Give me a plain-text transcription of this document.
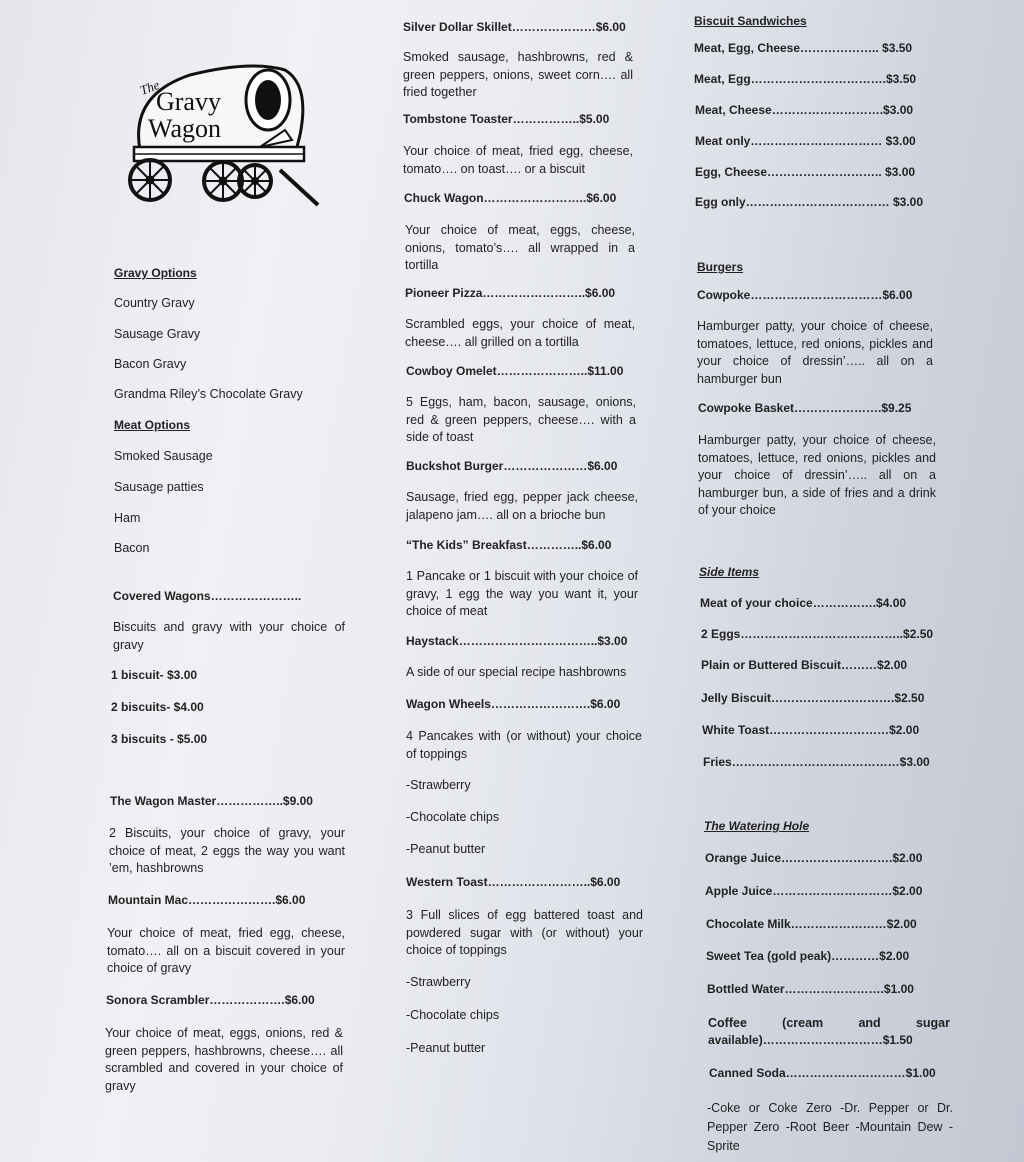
The
Gravy
Wagon
Gravy Options
Country Gravy
Sausage Gravy
Bacon Gravy
Grandma Riley’s Chocolate Gravy
Meat Options
Smoked Sausage
Sausage patties
Ham
Bacon
Covered Wagons…………………..
Biscuits and gravy with your choice of gravy
1 biscuit- $3.00
2 biscuits- $4.00
3 biscuits - $5.00
The Wagon Master……………..$9.00
2 Biscuits, your choice of gravy, your choice of meat, 2 eggs the way you want ’em, hashbrowns
Mountain Mac………………….$6.00
Your choice of meat, fried egg, cheese, tomato…. all on a biscuit covered in your choice of gravy
Sonora Scrambler……………….$6.00
Your choice of meat, eggs, onions, red & green peppers, hashbrowns, cheese…. all scrambled and covered in your choice of gravy
Silver Dollar Skillet…………………$6.00
Smoked sausage, hashbrowns, red & green peppers, onions, sweet corn…. all fried together
Tombstone Toaster……………..$5.00
Your choice of meat, fried egg, cheese, tomato…. on toast…. or a biscuit
Chuck Wagon……………………..$6.00
Your choice of meat, eggs, cheese, onions, tomato’s…. all wrapped in a tortilla
Pioneer Pizza……………………..$6.00
Scrambled eggs, your choice of meat, cheese…. all grilled on a tortilla
Cowboy Omelet…………………..$11.00
5 Eggs, ham, bacon, sausage, onions, red & green peppers, cheese…. with a side of toast
Buckshot Burger…………………$6.00
Sausage, fried egg, pepper jack cheese, jalapeno jam…. all on a brioche bun
“The Kids” Breakfast…………..$6.00
1 Pancake or 1 biscuit with your choice of gravy, 1 egg the way you want it, your choice of meat
Haystack……………………………..$3.00
A side of our special recipe hashbrowns
Wagon Wheels…………………….$6.00
4 Pancakes with (or without) your choice of toppings
-Strawberry
-Chocolate chips
-Peanut butter
Western Toast……………………..$6.00
3 Full slices of egg battered toast and powdered sugar with (or without) your choice of toppings
-Strawberry
-Chocolate chips
-Peanut butter
Biscuit Sandwiches
Meat, Egg, Cheese……………….. $3.50
Meat, Egg…………………………….$3.50
Meat, Cheese……………………….$3.00
Meat only…………………………… $3.00
Egg, Cheese……………………….. $3.00
Egg only……………………………… $3.00
Burgers
Cowpoke……………………………$6.00
Hamburger patty, your choice of cheese, tomatoes, lettuce, red onions, pickles and your choice of dressin’….. all on a hamburger bun
Cowpoke Basket………………….$9.25
Hamburger patty, your choice of cheese, tomatoes, lettuce, red onions, pickles and your choice of dressin’….. all on a hamburger bun, a side of fries and a drink of your choice
Side Items
Meat of your choice…………….$4.00
2 Eggs…………………………………..$2.50
Plain or Buttered Biscuit………$2.00
Jelly Biscuit………………………….$2.50
White Toast…………………………$2.00
Fries……………………………………$3.00
The Watering Hole
Orange Juice……………………….$2.00
Apple Juice…………………………$2.00
Chocolate Milk……………………$2.00
Sweet Tea (gold peak)…………$2.00
Bottled Water…………………….$1.00
Coffee (cream and sugar
available)…………………………$1.50
Canned Soda…………………………$1.00
-Coke or Coke Zero -Dr. Pepper or Dr. Pepper Zero -Root Beer -Mountain Dew -Sprite
